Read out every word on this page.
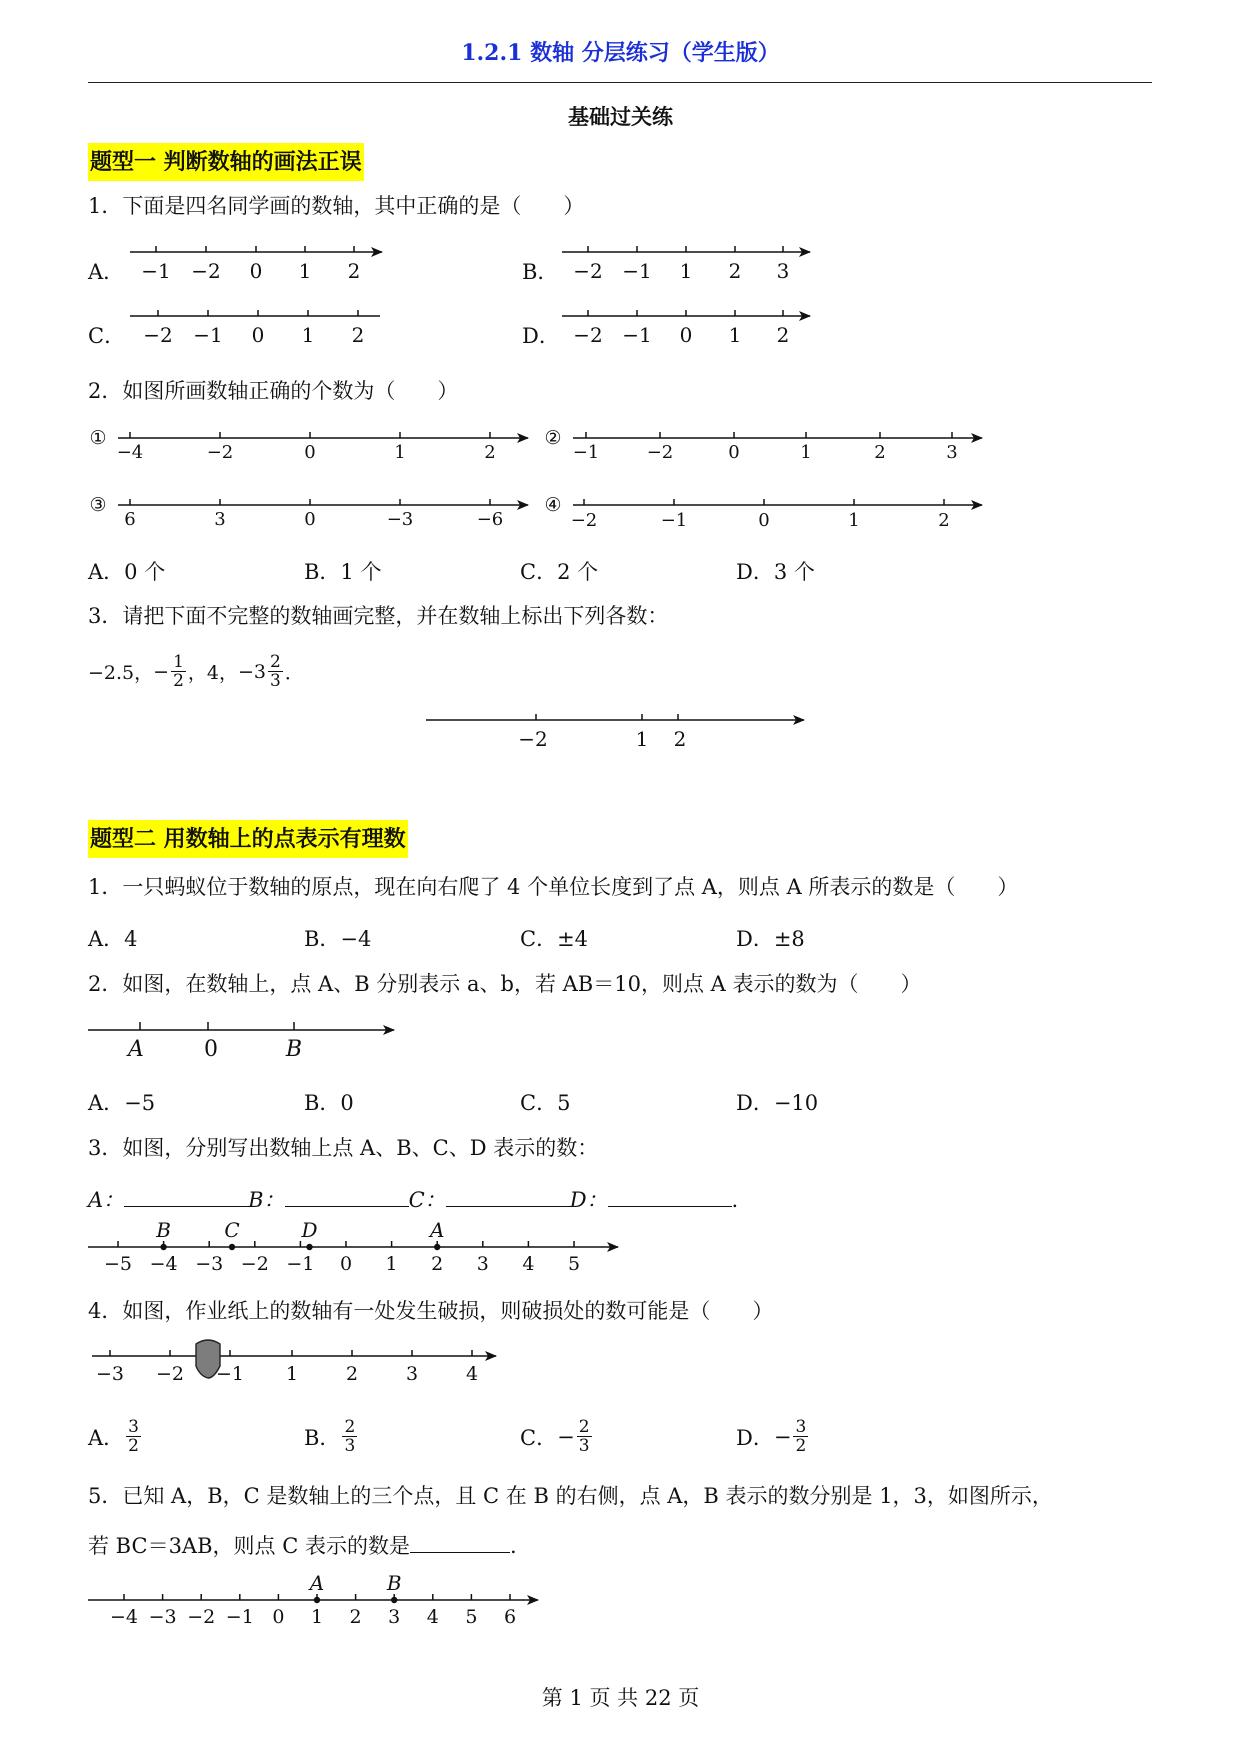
1.2.1 数轴 分层练习（学生版）
基础过关练
题型一 判断数轴的画法正误
1．下面是四名同学画的数轴，其中正确的是（　　）
A．	B．
C．	D．
−1 −2 0 1 2	−2 −1 1 2 3
−2 −1 0 1 2	−2 −1 0 1 2
①
−4	−2	0	1	2
②
−1	−2	0	1	2	3
③
6	3	0	−3	−6
④
−2	−1	0	1	2
−2	1 2
A	0	B
−5 −4 −3 −2 −1 0 1 2 3 4 5
B	C	D	A
−3 −2 −1 1	2	3	4
−4 −3 −2 −1 0 1 2 3 4 5 6
A	B
2．如图所画数轴正确的个数为（　　）
A．0 个	B．1 个	C．2 个	D．3 个
3．请把下面不完整的数轴画完整，并在数轴上标出下列各数：
−2.5， − $\frac{1}{2}$ ，4， $-3 \frac{2}{3}$ ．
题型二 用数轴上的点表示有理数
1．一只蚂蚁位于数轴的原点，现在向右爬了 4 个单位长度到了点 A，则点 A 所表示的数是（　　）
A．4	B．−4	C．±4	D．±8
2．如图，在数轴上，点 A、B 分别表示 a、b，若 AB＝10，则点 A 表示的数为（　　）
A．−5	B．0	C．5	D．−10
3．如图，分别写出数轴上点 A、B、C、D 表示的数：
A：	B：	C：	D：	.
4．如图，作业纸上的数轴有一处发生破损，则破损处的数可能是（　　）
A． $\frac{3}{2}$	B． $\frac{2}{3}$	C． − $\frac{2}{3}$	D． − $\frac{3}{2}$
5．已知 A，B，C 是数轴上的三个点，且 C 在 B 的右侧，点 A，B 表示的数分别是 1，3，如图所示，
若 BC＝3AB，则点 C 表示的数是	.
第 1 页 共 22 页
